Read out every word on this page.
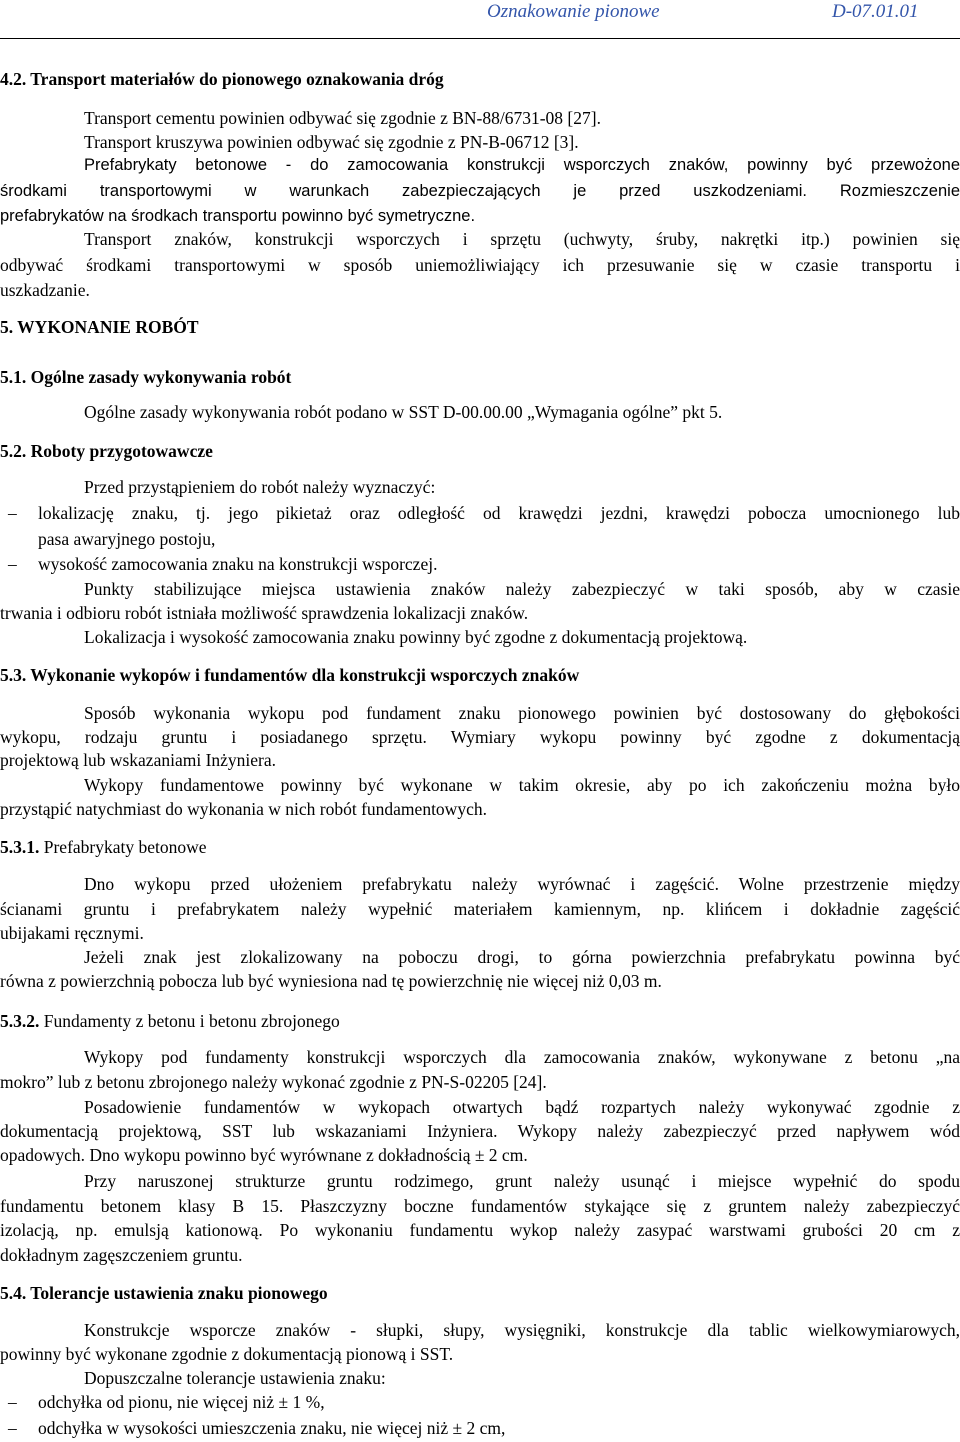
Oznakowanie pionowe	D-07.01.01
4.2. Transport materiałów do pionowego oznakowania dróg
Transport cementu powinien odbywać się zgodnie z BN-88/6731-08 [27].
Transport kruszywa powinien odbywać się zgodnie z PN-B-06712 [3].
Prefabrykaty betonowe - do zamocowania konstrukcji wsporczych znaków, powinny być przewożone
środkami transportowymi w warunkach zabezpieczających je przed uszkodzeniami. Rozmieszczenie
prefabrykatów na środkach transportu powinno być symetryczne.
Transport znaków, konstrukcji wsporczych i sprzętu (uchwyty, śruby, nakrętki itp.) powinien się
odbywać środkami transportowymi w sposób uniemożliwiający ich przesuwanie się w czasie transportu i
uszkadzanie.
5. WYKONANIE ROBÓT
5.1. Ogólne zasady wykonywania robót
Ogólne zasady wykonywania robót podano w SST D-00.00.00 „Wymagania ogólne” pkt 5.
5.2. Roboty przygotowawcze
Przed przystąpieniem do robót należy wyznaczyć:
– lokalizację znaku, tj. jego pikietaż oraz odległość od krawędzi jezdni, krawędzi pobocza umocnionego lub
pasa awaryjnego postoju,
– wysokość zamocowania znaku na konstrukcji wsporczej.
Punkty stabilizujące miejsca ustawienia znaków należy zabezpieczyć w taki sposób, aby w czasie
trwania i odbioru robót istniała możliwość sprawdzenia lokalizacji znaków.
Lokalizacja i wysokość zamocowania znaku powinny być zgodne z dokumentacją projektową.
5.3. Wykonanie wykopów i fundamentów dla konstrukcji wsporczych znaków
Sposób wykonania wykopu pod fundament znaku pionowego powinien być dostosowany do głębokości
wykopu, rodzaju gruntu i posiadanego sprzętu. Wymiary wykopu powinny być zgodne z dokumentacją
projektową lub wskazaniami Inżyniera.
Wykopy fundamentowe powinny być wykonane w takim okresie, aby po ich zakończeniu można było
przystąpić natychmiast do wykonania w nich robót fundamentowych.
5.3.1. Prefabrykaty betonowe
Dno wykopu przed ułożeniem prefabrykatu należy wyrównać i zagęścić. Wolne przestrzenie między
ścianami gruntu i prefabrykatem należy wypełnić materiałem kamiennym, np. klińcem i dokładnie zagęścić
ubijakami ręcznymi.
Jeżeli znak jest zlokalizowany na poboczu drogi, to górna powierzchnia prefabrykatu powinna być
równa z powierzchnią pobocza lub być wyniesiona nad tę powierzchnię nie więcej niż 0,03 m.
5.3.2. Fundamenty z betonu i betonu zbrojonego
Wykopy pod fundamenty konstrukcji wsporczych dla zamocowania znaków, wykonywane z betonu „na
mokro” lub z betonu zbrojonego należy wykonać zgodnie z PN-S-02205 [24].
Posadowienie fundamentów w wykopach otwartych bądź rozpartych należy wykonywać zgodnie z
dokumentacją projektową, SST lub wskazaniami Inżyniera. Wykopy należy zabezpieczyć przed napływem wód
opadowych. Dno wykopu powinno być wyrównane z dokładnością ± 2 cm.
Przy naruszonej strukturze gruntu rodzimego, grunt należy usunąć i miejsce wypełnić do spodu
fundamentu betonem klasy B 15. Płaszczyzny boczne fundamentów stykające się z gruntem należy zabezpieczyć
izolacją, np. emulsją kationową. Po wykonaniu fundamentu wykop należy zasypać warstwami grubości 20 cm z
dokładnym zagęszczeniem gruntu.
5.4. Tolerancje ustawienia znaku pionowego
Konstrukcje wsporcze znaków - słupki, słupy, wysięgniki, konstrukcje dla tablic wielkowymiarowych,
powinny być wykonane zgodnie z dokumentacją pionową i SST.
Dopuszczalne tolerancje ustawienia znaku:
– odchyłka od pionu, nie więcej niż ± 1 %,
– odchyłka w wysokości umieszczenia znaku, nie więcej niż ± 2 cm,
